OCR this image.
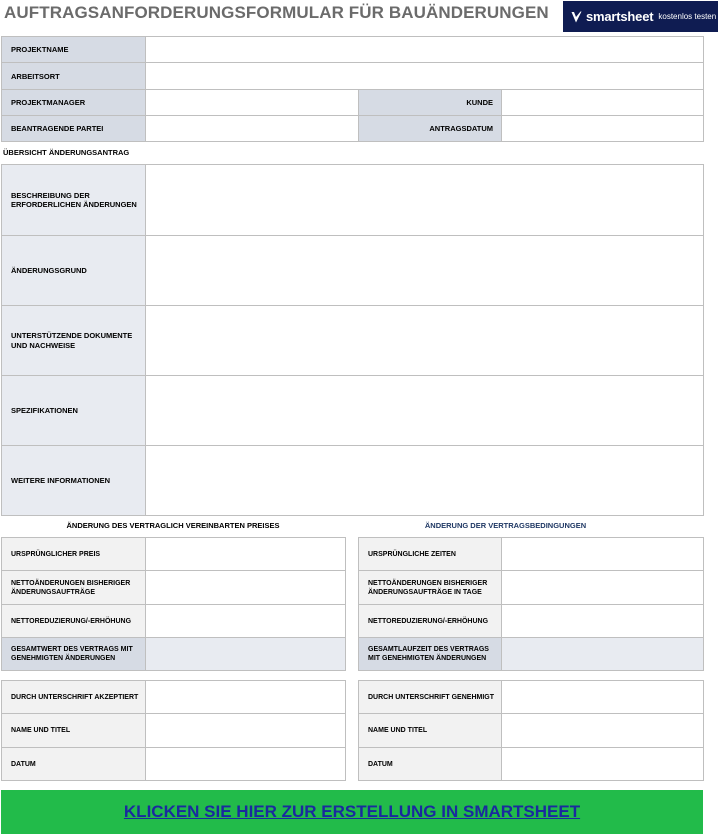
AUFTRAGSANFORDERUNGSFORMULAR FÜR BAUÄNDERUNGEN	smartsheet kostenlos testen
PROJEKTNAME			
ARBEITSORT			
PROJEKTMANAGER		KUNDE	
BEANTRAGENDE PARTEI		ANTRAGSDATUM	
ÜBERSICHT ÄNDERUNGSANTRAG
BESCHREIBUNG DER ERFORDERLICHEN ÄNDERUNGEN	
ÄNDERUNGSGRUND	
UNTERSTÜTZENDE DOKUMENTE UND NACHWEISE	
SPEZIFIKATIONEN	
WEITERE INFORMATIONEN	
ÄNDERUNG DES VERTRAGLICH VEREINBARTEN PREISES
URSPRÜNGLICHER PREIS	
NETTOÄNDERUNGEN BISHERIGER ÄNDERUNGSAUFTRÄGE	
NETTOREDUZIERUNG/-ERHÖHUNG	
GESAMTWERT DES VERTRAGS MIT GENEHMIGTEN ÄNDERUNGEN	
ÄNDERUNG DER VERTRAGSBEDINGUNGEN
URSPRÜNGLICHE ZEITEN	
NETTOÄNDERUNGEN BISHERIGER ÄNDERUNGSAUFTRÄGE IN TAGE	
NETTOREDUZIERUNG/-ERHÖHUNG	
GESAMTLAUFZEIT DES VERTRAGS MIT GENEHMIGTEN ÄNDERUNGEN	
DURCH UNTERSCHRIFT AKZEPTIERT	
NAME UND TITEL	
DATUM	
DURCH UNTERSCHRIFT GENEHMIGT	
NAME UND TITEL	
DATUM	
KLICKEN SIE HIER ZUR ERSTELLUNG IN SMARTSHEET
